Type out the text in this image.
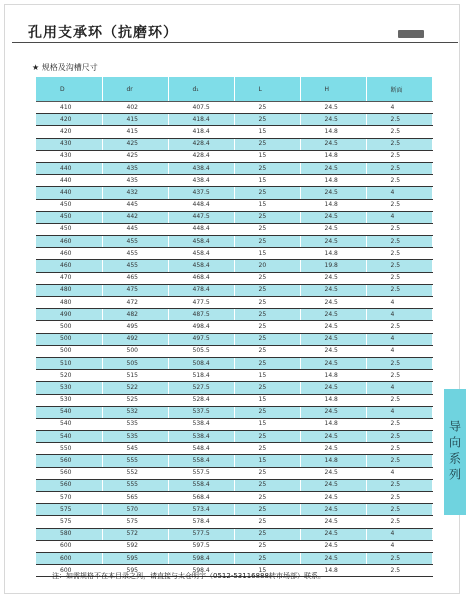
孔用支承环（抗磨环）
★ 规格及沟槽尺寸
D	dr	d₁	L	H	断面
410	402	407.5	25	24.5	4
420	415	418.4	25	24.5	2.5
420	415	418.4	15	14.8	2.5
430	425	428.4	25	24.5	2.5
430	425	428.4	15	14.8	2.5
440	435	438.4	25	24.5	2.5
440	435	438.4	15	14.8	2.5
440	432	437.5	25	24.5	4
450	445	448.4	15	14.8	2.5
450	442	447.5	25	24.5	4
450	445	448.4	25	24.5	2.5
460	455	458.4	25	24.5	2.5
460	455	458.4	15	14.8	2.5
460	455	458.4	20	19.8	2.5
470	465	468.4	25	24.5	2.5
480	475	478.4	25	24.5	2.5
480	472	477.5	25	24.5	4
490	482	487.5	25	24.5	4
500	495	498.4	25	24.5	2.5
500	492	497.5	25	24.5	4
500	500	505.5	25	24.5	4
510	505	508.4	25	24.5	2.5
520	515	518.4	15	14.8	2.5
530	522	527.5	25	24.5	4
530	525	528.4	15	14.8	2.5
540	532	537.5	25	24.5	4
540	535	538.4	15	14.8	2.5
540	535	538.4	25	24.5	2.5
550	545	548.4	25	24.5	2.5
560	555	558.4	15	14.8	2.5
560	552	557.5	25	24.5	4
560	555	558.4	25	24.5	2.5
570	565	568.4	25	24.5	2.5
575	570	573.4	25	24.5	2.5
575	575	578.4	25	24.5	2.5
580	572	577.5	25	24.5	4
600	592	597.5	25	24.5	4
600	595	598.4	25	24.5	2.5
600	595	598.4	15	14.8	2.5
注：如需规格不在本目录之列，请直接与太仓明宇（0512-53116888转市场部）联系。
导向系列
